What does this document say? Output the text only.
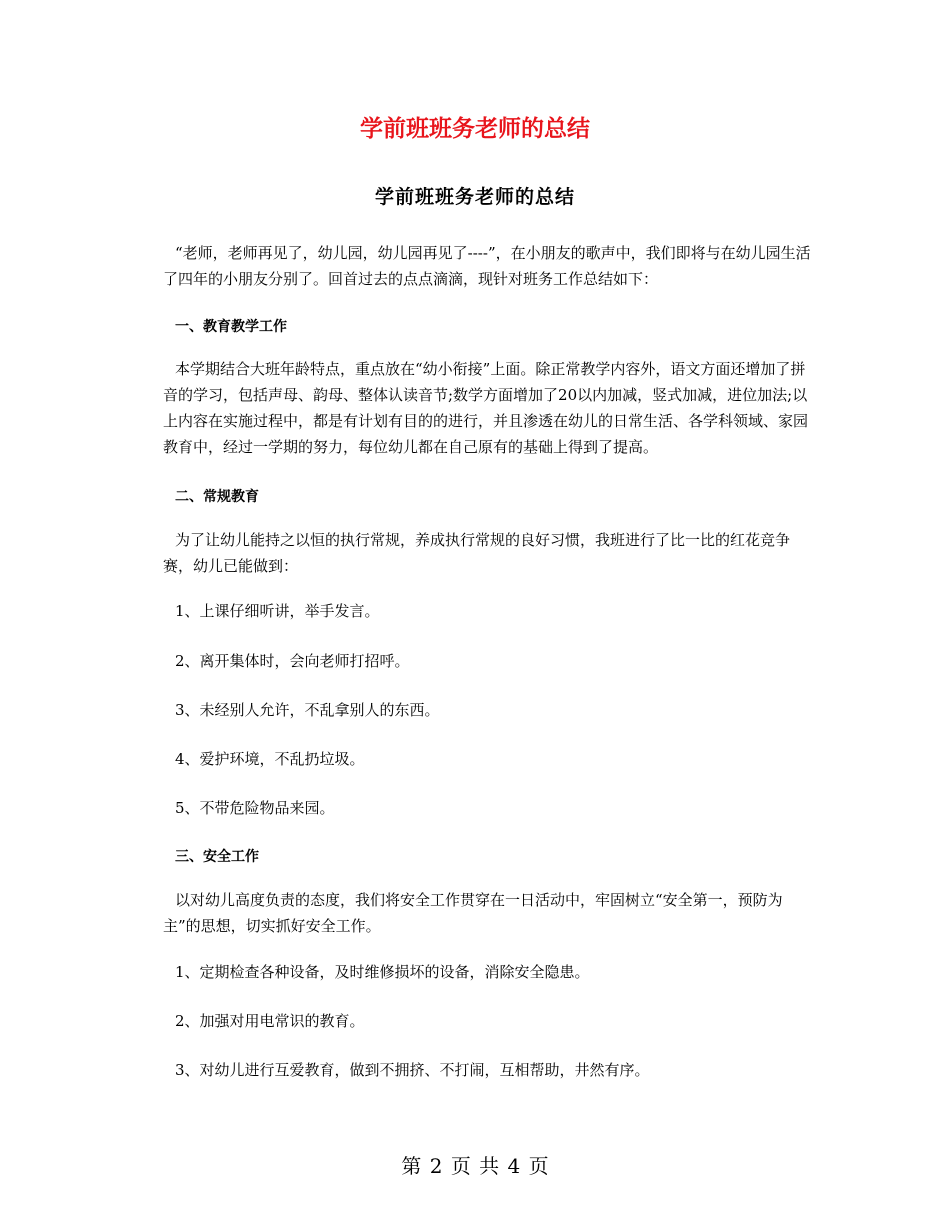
学前班班务老师的总结
学前班班务老师的总结

“老师，老师再见了，幼儿园，幼儿园再见了----”，在小朋友的歌声中，我们即将与在幼儿园生活了四年的小朋友分别了。回首过去的点点滴滴，现针对班务工作总结如下：

一、教育教学工作

本学期结合大班年龄特点，重点放在“幼小衔接”上面。除正常教学内容外，语文方面还增加了拼音的学习，包括声母、韵母、整体认读音节;数学方面增加了20以内加减，竖式加减，进位加法;以上内容在实施过程中，都是有计划有目的的进行，并且渗透在幼儿的日常生活、各学科领域、家园教育中，经过一学期的努力，每位幼儿都在自己原有的基础上得到了提高。

二、常规教育

为了让幼儿能持之以恒的执行常规，养成执行常规的良好习惯，我班进行了比一比的红花竞争赛，幼儿已能做到：

1、上课仔细听讲，举手发言。

2、离开集体时，会向老师打招呼。

3、未经别人允许，不乱拿别人的东西。

4、爱护环境，不乱扔垃圾。

5、不带危险物品来园。

三、安全工作

以对幼儿高度负责的态度，我们将安全工作贯穿在一日活动中，牢固树立“安全第一，预防为主”的思想，切实抓好安全工作。

1、定期检查各种设备，及时维修损坏的设备，消除安全隐患。

2、加强对用电常识的教育。

3、对幼儿进行互爱教育，做到不拥挤、不打闹，互相帮助，井然有序。

第 2 页 共 4 页
